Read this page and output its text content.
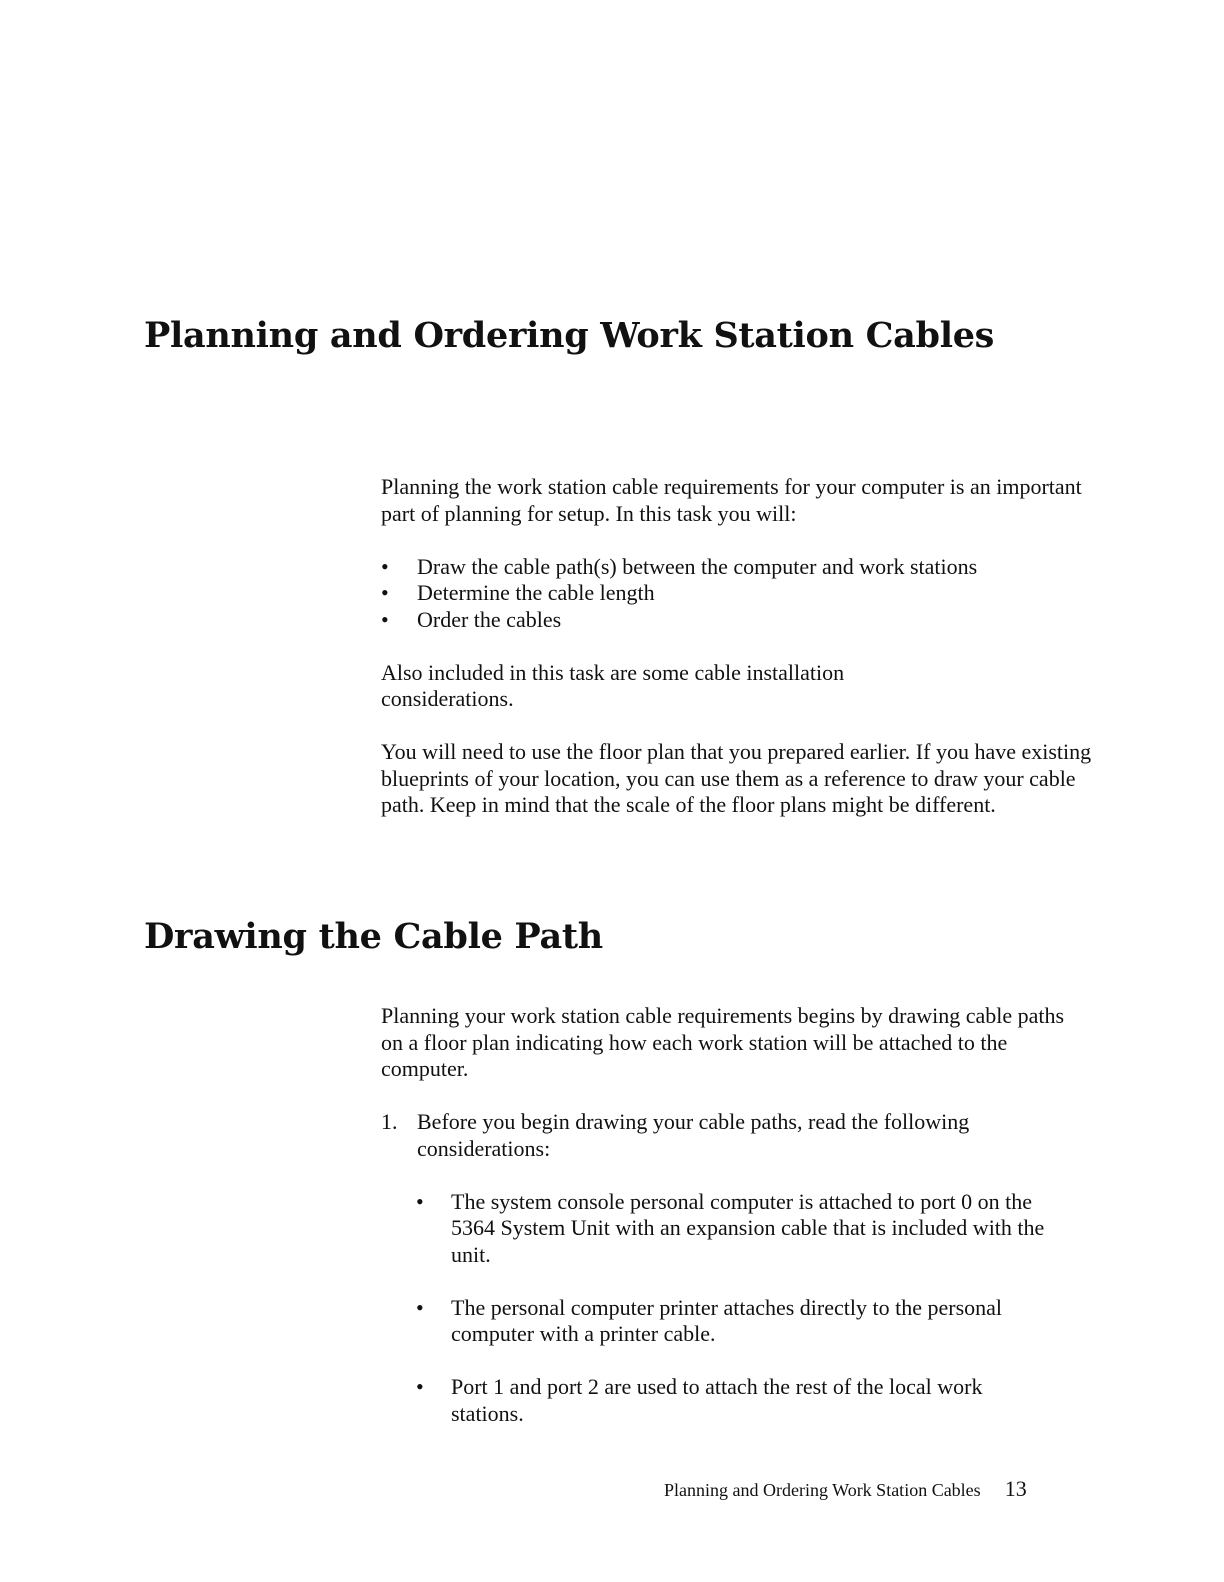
Planning and Ordering Work Station Cables

Planning the work station cable requirements for your computer is an important part of planning for setup. In this task you will:

• Draw the cable path(s) between the computer and work stations
• Determine the cable length
• Order the cables

Also included in this task are some cable installation considerations.

You will need to use the floor plan that you prepared earlier. If you have existing blueprints of your location, you can use them as a reference to draw your cable path. Keep in mind that the scale of the floor plans might be different.

Drawing the Cable Path

Planning your work station cable requirements begins by drawing cable paths on a floor plan indicating how each work station will be attached to the computer.

1. Before you begin drawing your cable paths, read the following considerations:

• The system console personal computer is attached to port 0 on the 5364 System Unit with an expansion cable that is included with the unit.
• The personal computer printer attaches directly to the personal computer with a printer cable.
• Port 1 and port 2 are used to attach the rest of the local work stations.
Planning and Ordering Work Station Cables 13
